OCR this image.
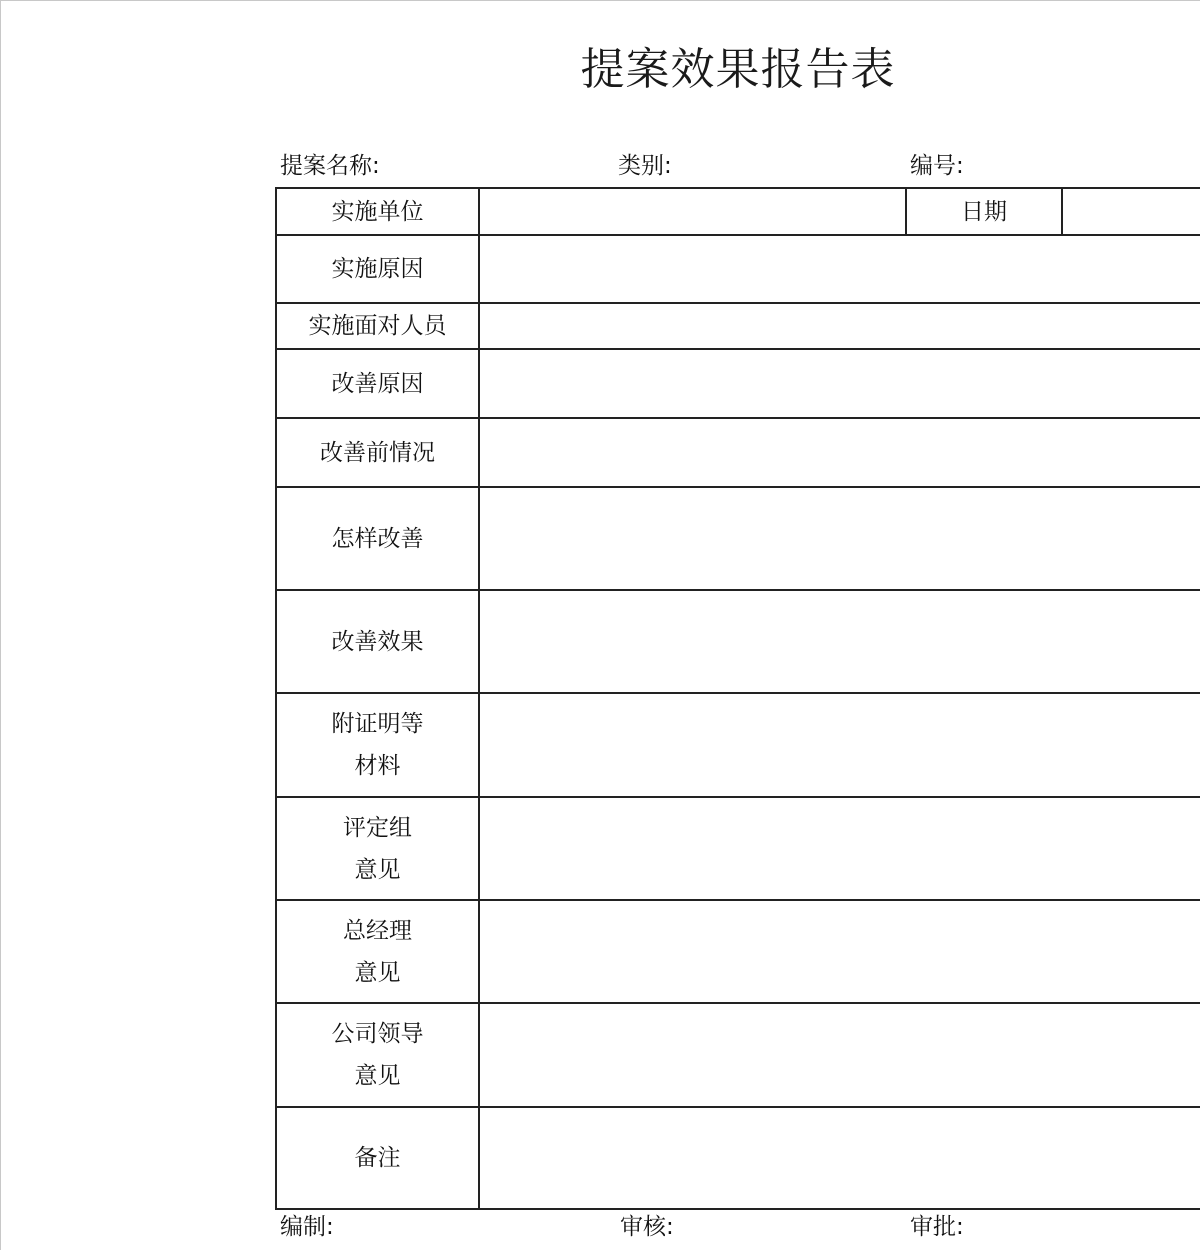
提案效果报告表
提案名称:	类别:	编号:
实施单位		日期	

实施原因			

实施面对人员			

改善原因			

改善前情况			

怎样改善			

改善效果			

附证明等
材料			

评定组
意见			

总经理
意见			

公司领导
意见			

备注			

编制:	审核:	审批:
